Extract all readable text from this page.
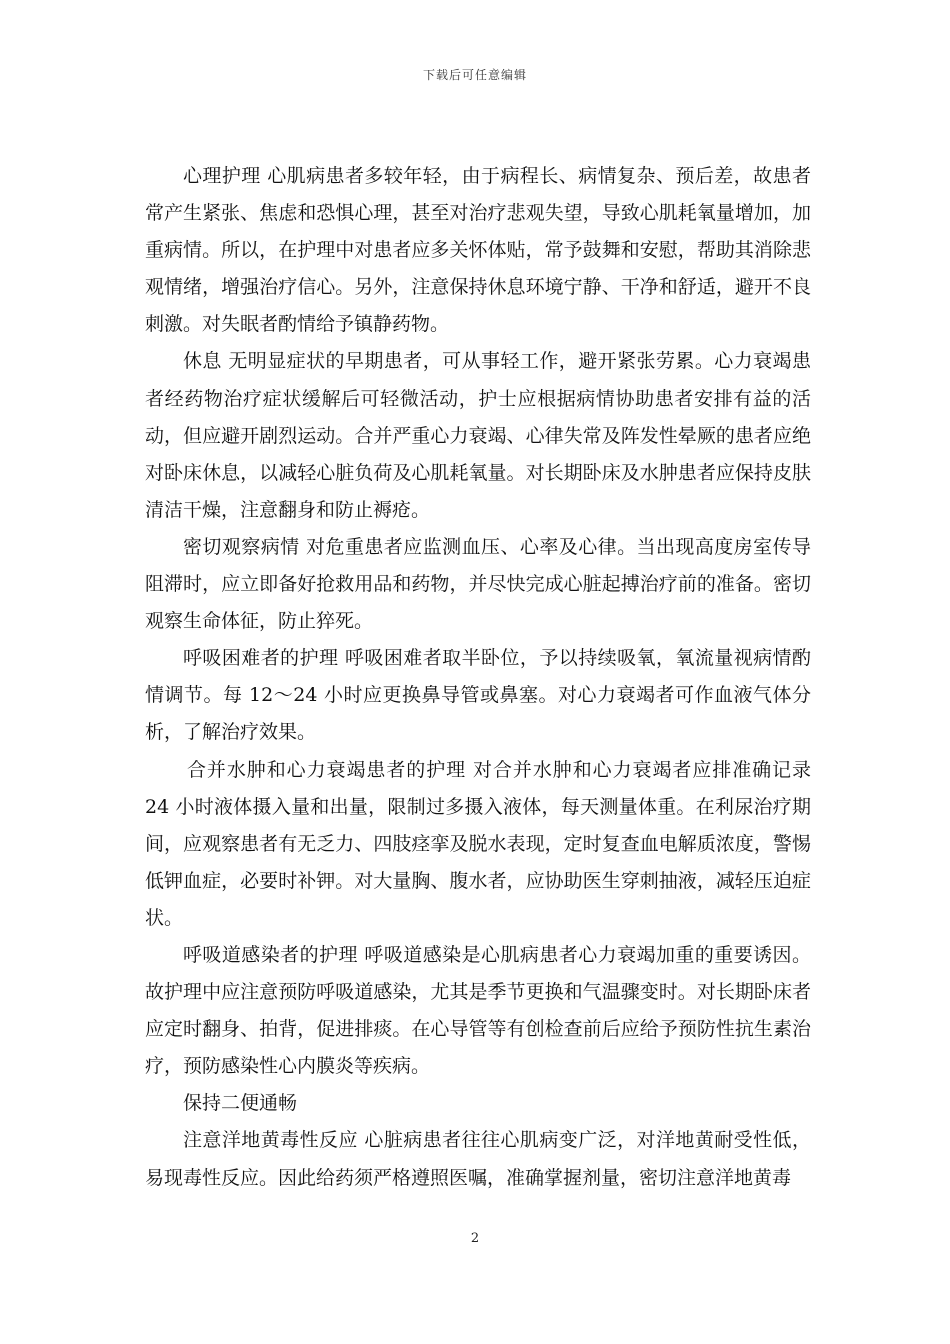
下载后可任意编辑

心理护理 心肌病患者多较年轻，由于病程长、病情复杂、预后差，故患者常产生紧张、焦虑和恐惧心理，甚至对治疗悲观失望，导致心肌耗氧量增加，加重病情。所以，在护理中对患者应多关怀体贴，常予鼓舞和安慰，帮助其消除悲观情绪，增强治疗信心。另外，注意保持休息环境宁静、干净和舒适，避开不良刺激。对失眠者酌情给予镇静药物。

休息 无明显症状的早期患者，可从事轻工作，避开紧张劳累。心力衰竭患者经药物治疗症状缓解后可轻微活动，护士应根据病情协助患者安排有益的活动，但应避开剧烈运动。合并严重心力衰竭、心律失常及阵发性晕厥的患者应绝对卧床休息，以减轻心脏负荷及心肌耗氧量。对长期卧床及水肿患者应保持皮肤清洁干燥，注意翻身和防止褥疮。

密切观察病情 对危重患者应监测血压、心率及心律。当出现高度房室传导阻滞时，应立即备好抢救用品和药物，并尽快完成心脏起搏治疗前的准备。密切观察生命体征，防止猝死。

呼吸困难者的护理 呼吸困难者取半卧位，予以持续吸氧，氧流量视病情酌情调节。每 12～24 小时应更换鼻导管或鼻塞。对心力衰竭者可作血液气体分析，了解治疗效果。

合并水肿和心力衰竭患者的护理 对合并水肿和心力衰竭者应排准确记录 24 小时液体摄入量和出量，限制过多摄入液体，每天测量体重。在利尿治疗期间，应观察患者有无乏力、四肢痉挛及脱水表现，定时复查血电解质浓度，警惕低钾血症，必要时补钾。对大量胸、腹水者，应协助医生穿刺抽液，减轻压迫症状。

呼吸道感染者的护理 呼吸道感染是心肌病患者心力衰竭加重的重要诱因。故护理中应注意预防呼吸道感染，尤其是季节更换和气温骤变时。对长期卧床者应定时翻身、拍背，促进排痰。在心导管等有创检查前后应给予预防性抗生素治疗，预防感染性心内膜炎等疾病。

保持二便通畅

注意洋地黄毒性反应 心脏病患者往往心肌病变广泛，对洋地黄耐受性低，易现毒性反应。因此给药须严格遵照医嘱，准确掌握剂量，密切注意洋地黄毒

2
